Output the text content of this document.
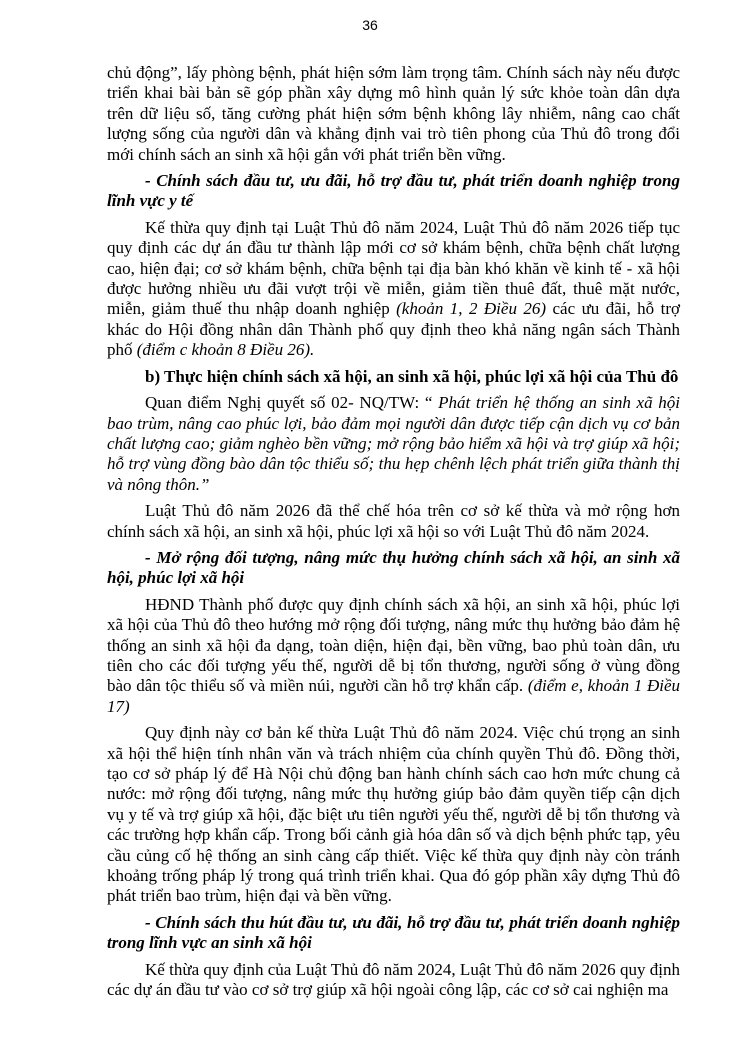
36

chủ động”, lấy phòng bệnh, phát hiện sớm làm trọng tâm. Chính sách này nếu được triển khai bài bản sẽ góp phần xây dựng mô hình quản lý sức khỏe toàn dân dựa trên dữ liệu số, tăng cường phát hiện sớm bệnh không lây nhiễm, nâng cao chất lượng sống của người dân và khẳng định vai trò tiên phong của Thủ đô trong đổi mới chính sách an sinh xã hội gắn với phát triển bền vững.

- Chính sách đầu tư, ưu đãi, hỗ trợ đầu tư, phát triển doanh nghiệp trong lĩnh vực y tế

Kế thừa quy định tại Luật Thủ đô năm 2024, Luật Thủ đô năm 2026 tiếp tục quy định các dự án đầu tư thành lập mới cơ sở khám bệnh, chữa bệnh chất lượng cao, hiện đại; cơ sở khám bệnh, chữa bệnh tại địa bàn khó khăn về kinh tế - xã hội được hưởng nhiều ưu đãi vượt trội về miễn, giảm tiền thuê đất, thuê mặt nước, miễn, giảm thuế thu nhập doanh nghiệp (khoản 1, 2 Điều 26) các ưu đãi, hỗ trợ khác do Hội đồng nhân dân Thành phố quy định theo khả năng ngân sách Thành phố (điểm c khoản 8 Điều 26).

b) Thực hiện chính sách xã hội, an sinh xã hội, phúc lợi xã hội của Thủ đô

Quan điểm Nghị quyết số 02- NQ/TW: “ Phát triển hệ thống an sinh xã hội bao trùm, nâng cao phúc lợi, bảo đảm mọi người dân được tiếp cận dịch vụ cơ bản chất lượng cao; giảm nghèo bền vững; mở rộng bảo hiểm xã hội và trợ giúp xã hội; hỗ trợ vùng đồng bào dân tộc thiểu số; thu hẹp chênh lệch phát triển giữa thành thị và nông thôn.”

Luật Thủ đô năm 2026 đã thể chế hóa trên cơ sở kế thừa và mở rộng hơn chính sách xã hội, an sinh xã hội, phúc lợi xã hội so với Luật Thủ đô năm 2024.

- Mở rộng đối tượng, nâng mức thụ hưởng chính sách xã hội, an sinh xã hội, phúc lợi xã hội

HĐND Thành phố được quy định chính sách xã hội, an sinh xã hội, phúc lợi xã hội của Thủ đô theo hướng mở rộng đối tượng, nâng mức thụ hưởng bảo đảm hệ thống an sinh xã hội đa dạng, toàn diện, hiện đại, bền vững, bao phủ toàn dân, ưu tiên cho các đối tượng yếu thế, người dễ bị tổn thương, người sống ở vùng đồng bào dân tộc thiểu số và miền núi, người cần hỗ trợ khẩn cấp. (điểm e, khoản 1 Điều 17)

Quy định này cơ bản kế thừa Luật Thủ đô năm 2024. Việc chú trọng an sinh xã hội thể hiện tính nhân văn và trách nhiệm của chính quyền Thủ đô. Đồng thời, tạo cơ sở pháp lý để Hà Nội chủ động ban hành chính sách cao hơn mức chung cả nước: mở rộng đối tượng, nâng mức thụ hưởng giúp bảo đảm quyền tiếp cận dịch vụ y tế và trợ giúp xã hội, đặc biệt ưu tiên người yếu thế, người dễ bị tổn thương và các trường hợp khẩn cấp. Trong bối cảnh già hóa dân số và dịch bệnh phức tạp, yêu cầu củng cố hệ thống an sinh càng cấp thiết. Việc kế thừa quy định này còn tránh khoảng trống pháp lý trong quá trình triển khai. Qua đó góp phần xây dựng Thủ đô phát triển bao trùm, hiện đại và bền vững.

- Chính sách thu hút đầu tư, ưu đãi, hỗ trợ đầu tư, phát triển doanh nghiệp trong lĩnh vực an sinh xã hội

Kế thừa quy định của Luật Thủ đô năm 2024, Luật Thủ đô năm 2026 quy định các dự án đầu tư vào cơ sở trợ giúp xã hội ngoài công lập, các cơ sở cai nghiện ma
